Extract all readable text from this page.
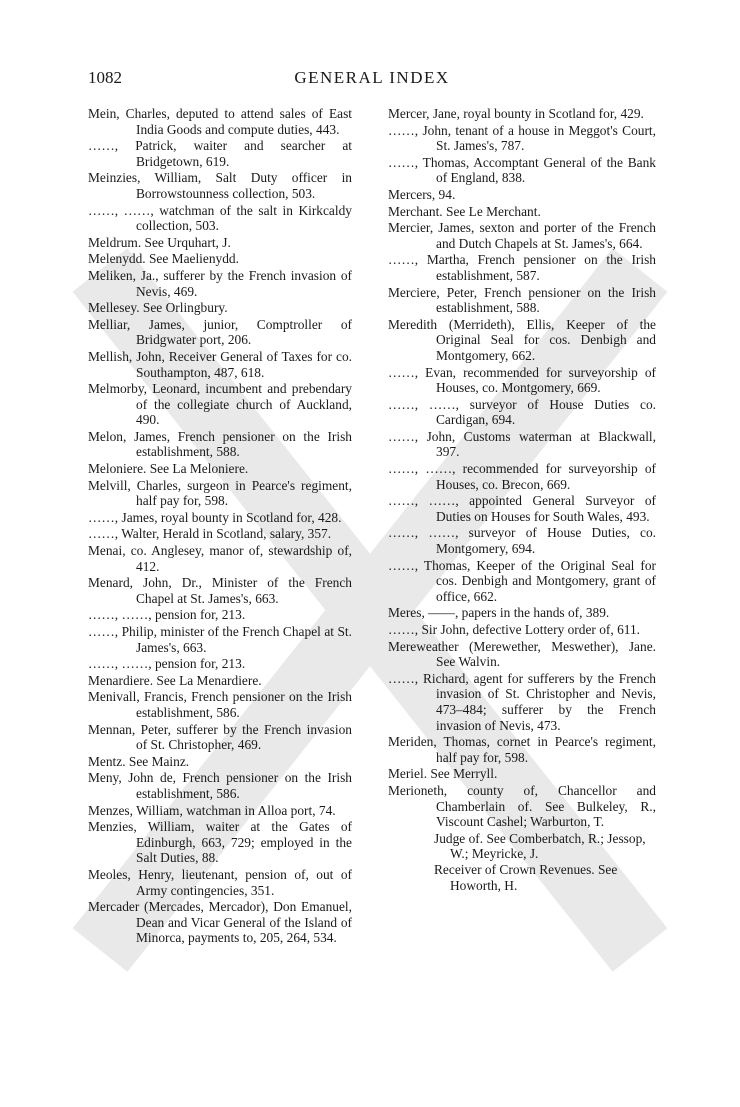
1082	GENERAL INDEX

Mein, Charles, deputed to attend sales of East India Goods and compute duties, 443.

……, Patrick, waiter and searcher at Bridgetown, 619.

Meinzies, William, Salt Duty officer in Borrowstounness collection, 503.

……, ……, watchman of the salt in Kirkcaldy collection, 503.

Meldrum. See Urquhart, J.

Melenydd. See Maelienydd.

Meliken, Ja., sufferer by the French invasion of Nevis, 469.

Mellesey. See Orlingbury.

Melliar, James, junior, Comptroller of Bridgwater port, 206.

Mellish, John, Receiver General of Taxes for co. Southampton, 487, 618.

Melmorby, Leonard, incumbent and prebendary of the collegiate church of Auckland, 490.

Melon, James, French pensioner on the Irish establishment, 588.

Meloniere. See La Meloniere.

Melvill, Charles, surgeon in Pearce's regiment, half pay for, 598.

……, James, royal bounty in Scotland for, 428.

……, Walter, Herald in Scotland, salary, 357.

Menai, co. Anglesey, manor of, stewardship of, 412.

Menard, John, Dr., Minister of the French Chapel at St. James's, 663.

……, ……, pension for, 213.

……, Philip, minister of the French Chapel at St. James's, 663.

……, ……, pension for, 213.

Menardiere. See La Menardiere.

Menivall, Francis, French pensioner on the Irish establishment, 586.

Mennan, Peter, sufferer by the French invasion of St. Christopher, 469.

Mentz. See Mainz.

Meny, John de, French pensioner on the Irish establishment, 586.

Menzes, William, watchman in Alloa port, 74.

Menzies, William, waiter at the Gates of Edinburgh, 663, 729; employed in the Salt Duties, 88.

Meoles, Henry, lieutenant, pension of, out of Army contingencies, 351.

Mercader (Mercades, Mercador), Don Emanuel, Dean and Vicar General of the Island of Minorca, payments to, 205, 264, 534.

Mercer, Jane, royal bounty in Scotland for, 429.

……, John, tenant of a house in Meggot's Court, St. James's, 787.

……, Thomas, Accomptant General of the Bank of England, 838.

Mercers, 94.

Merchant. See Le Merchant.

Mercier, James, sexton and porter of the French and Dutch Chapels at St. James's, 664.

……, Martha, French pensioner on the Irish establishment, 587.

Merciere, Peter, French pensioner on the Irish establishment, 588.

Meredith (Merrideth), Ellis, Keeper of the Original Seal for cos. Denbigh and Montgomery, 662.

……, Evan, recommended for surveyorship of Houses, co. Montgomery, 669.

……, ……, surveyor of House Duties co. Cardigan, 694.

……, John, Customs waterman at Blackwall, 397.

……, ……, recommended for surveyorship of Houses, co. Brecon, 669.

……, ……, appointed General Surveyor of Duties on Houses for South Wales, 493.

……, ……, surveyor of House Duties, co. Montgomery, 694.

……, Thomas, Keeper of the Original Seal for cos. Denbigh and Montgomery, grant of office, 662.

Meres, ——, papers in the hands of, 389.

……, Sir John, defective Lottery order of, 611.

Mereweather (Merewether, Meswether), Jane. See Walvin.

……, Richard, agent for sufferers by the French invasion of St. Christopher and Nevis, 473–484; sufferer by the French invasion of Nevis, 473.

Meriden, Thomas, cornet in Pearce's regiment, half pay for, 598.

Meriel. See Merryll.

Merioneth, county of, Chancellor and Chamberlain of. See Bulkeley, R., Viscount Cashel; Warburton, T.

Judge of. See Comberbatch, R.; Jessop, W.; Meyricke, J.

Receiver of Crown Revenues. See Howorth, H.
